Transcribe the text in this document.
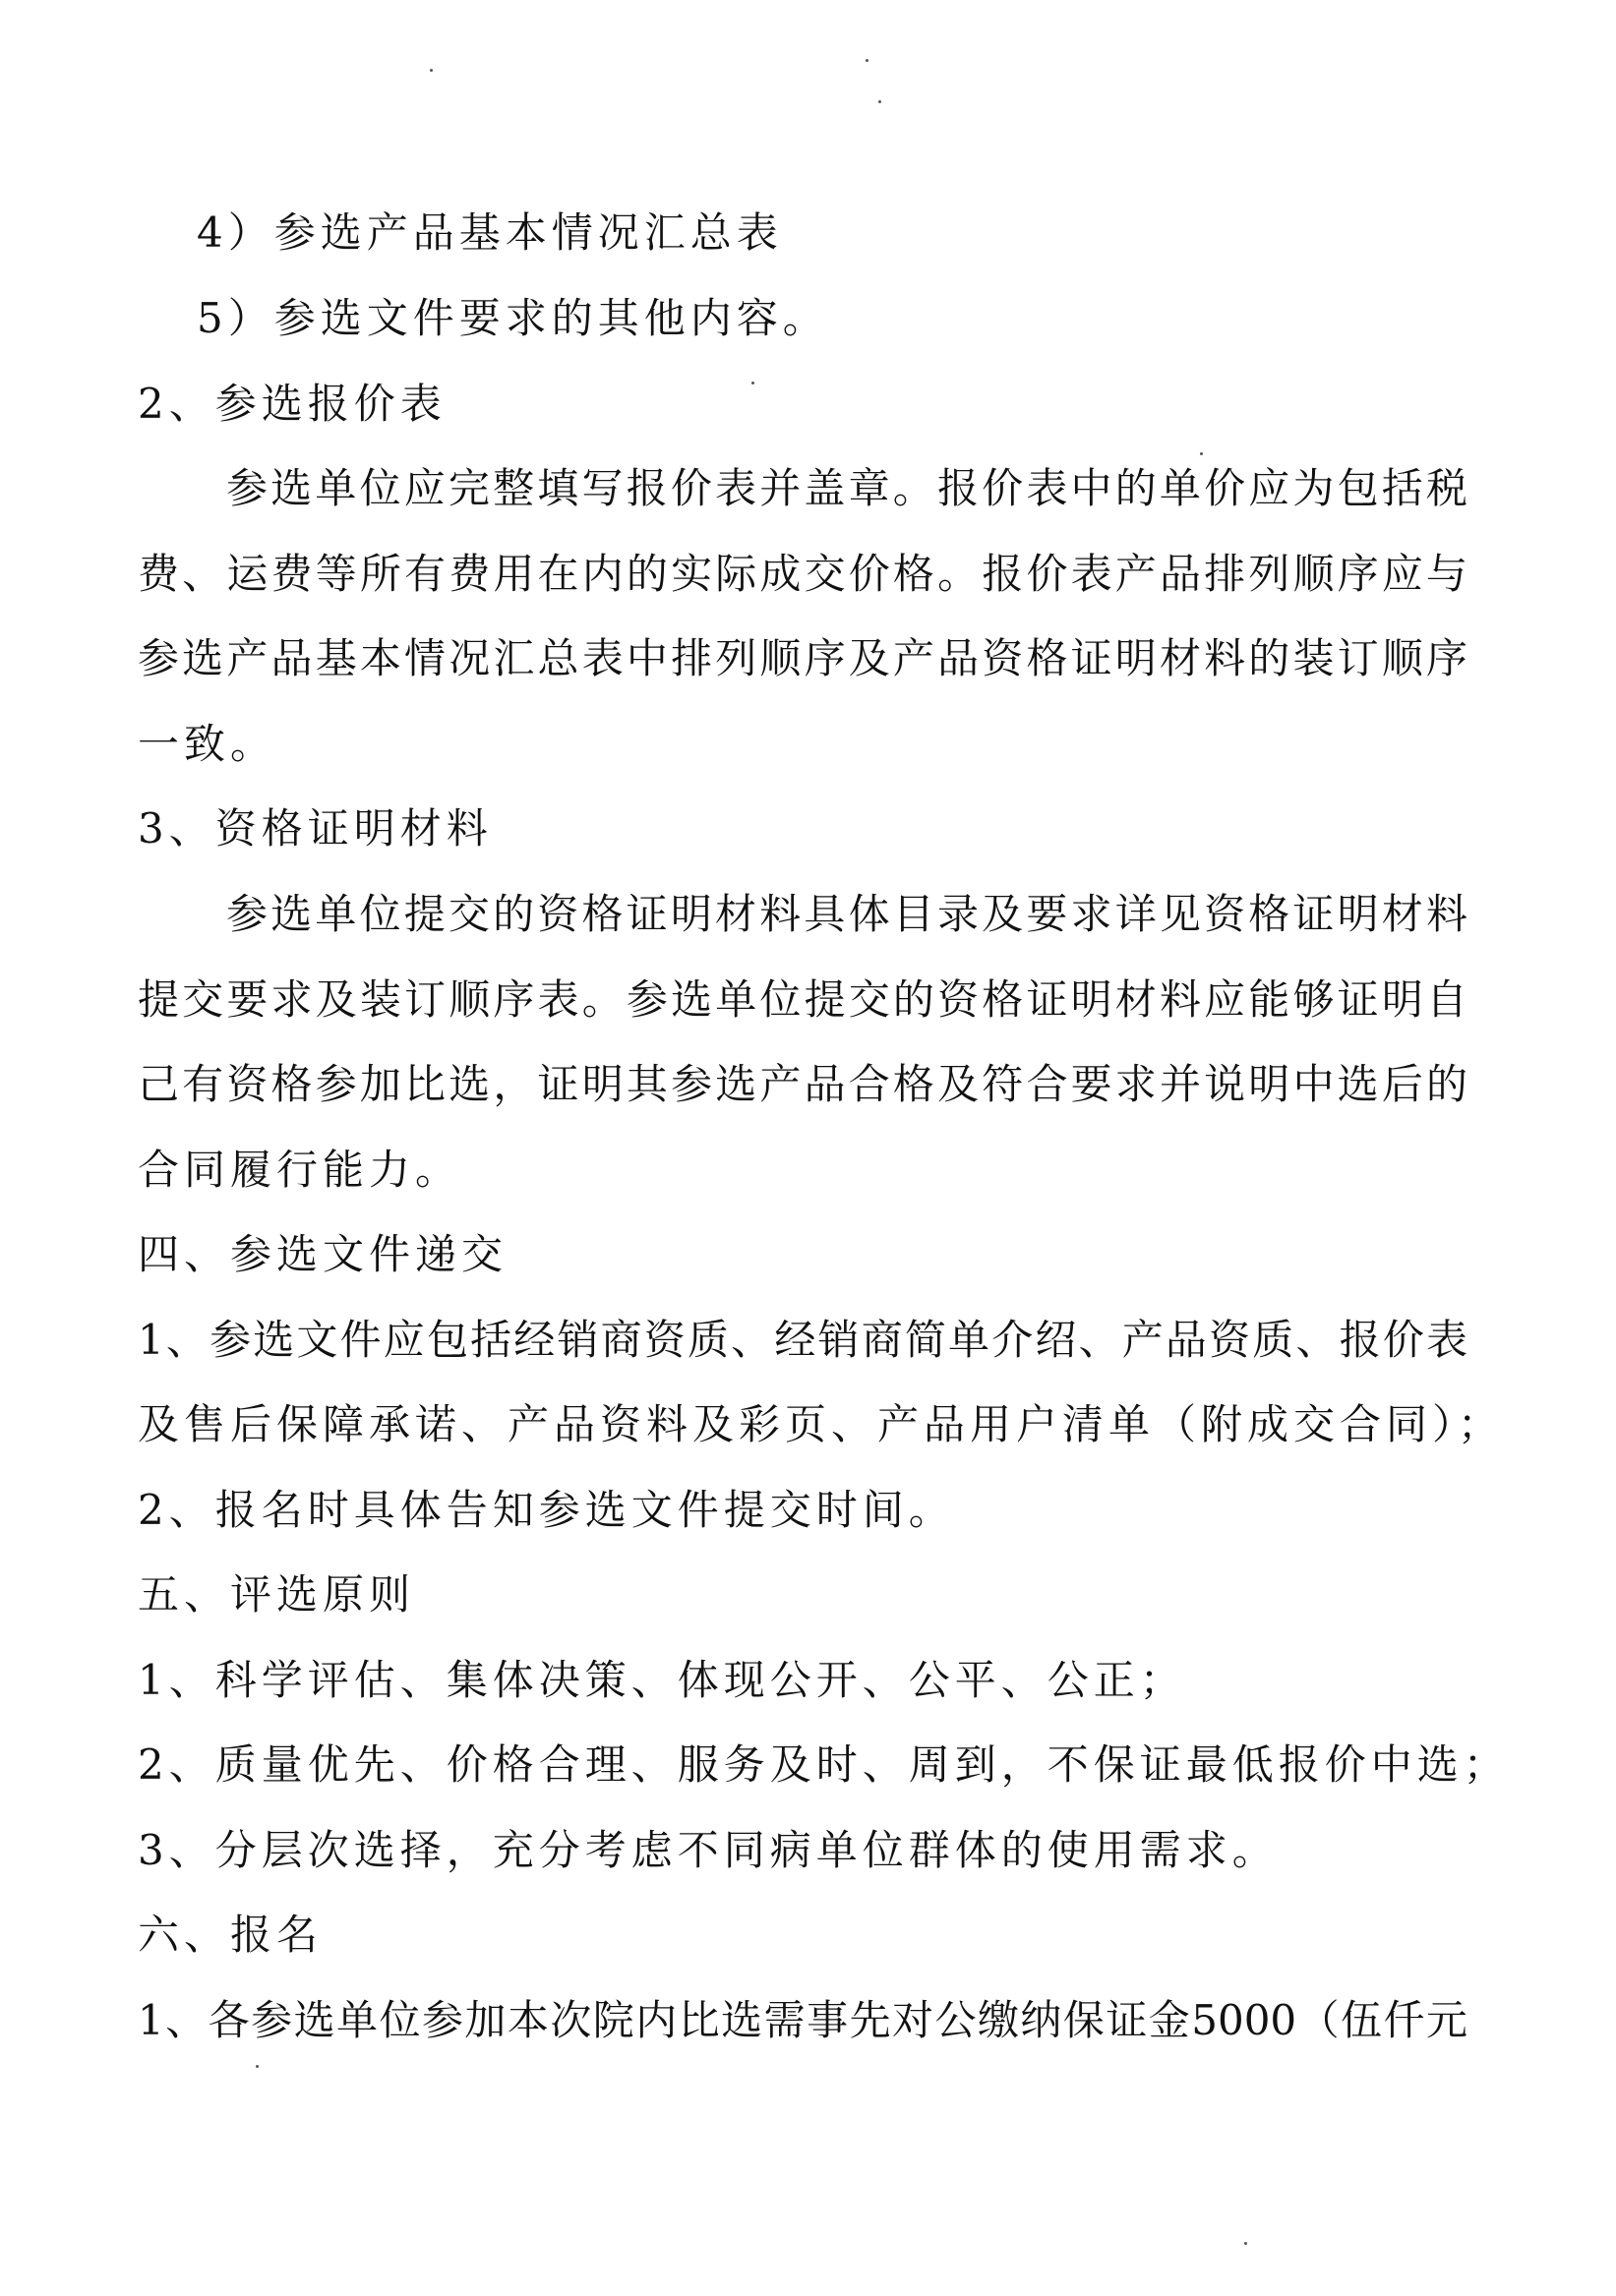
4）参选产品基本情况汇总表
5）参选文件要求的其他内容。
2、参选报价表
参选单位应完整填写报价表并盖章。报价表中的单价应为包括税
费、运费等所有费用在内的实际成交价格。报价表产品排列顺序应与
参选产品基本情况汇总表中排列顺序及产品资格证明材料的装订顺序
一致。
3、资格证明材料
参选单位提交的资格证明材料具体目录及要求详见资格证明材料
提交要求及装订顺序表。参选单位提交的资格证明材料应能够证明自
己有资格参加比选，证明其参选产品合格及符合要求并说明中选后的
合同履行能力。
四、参选文件递交
1、参选文件应包括经销商资质、经销商简单介绍、产品资质、报价表
及售后保障承诺、产品资料及彩页、产品用户清单（附成交合同）；
2、报名时具体告知参选文件提交时间。
五、评选原则
1、科学评估、集体决策、体现公开、公平、公正；
2、质量优先、价格合理、服务及时、周到，不保证最低报价中选；
3、分层次选择，充分考虑不同病单位群体的使用需求。
六、报名
1、各参选单位参加本次院内比选需事先对公缴纳保证金5000（伍仟元
